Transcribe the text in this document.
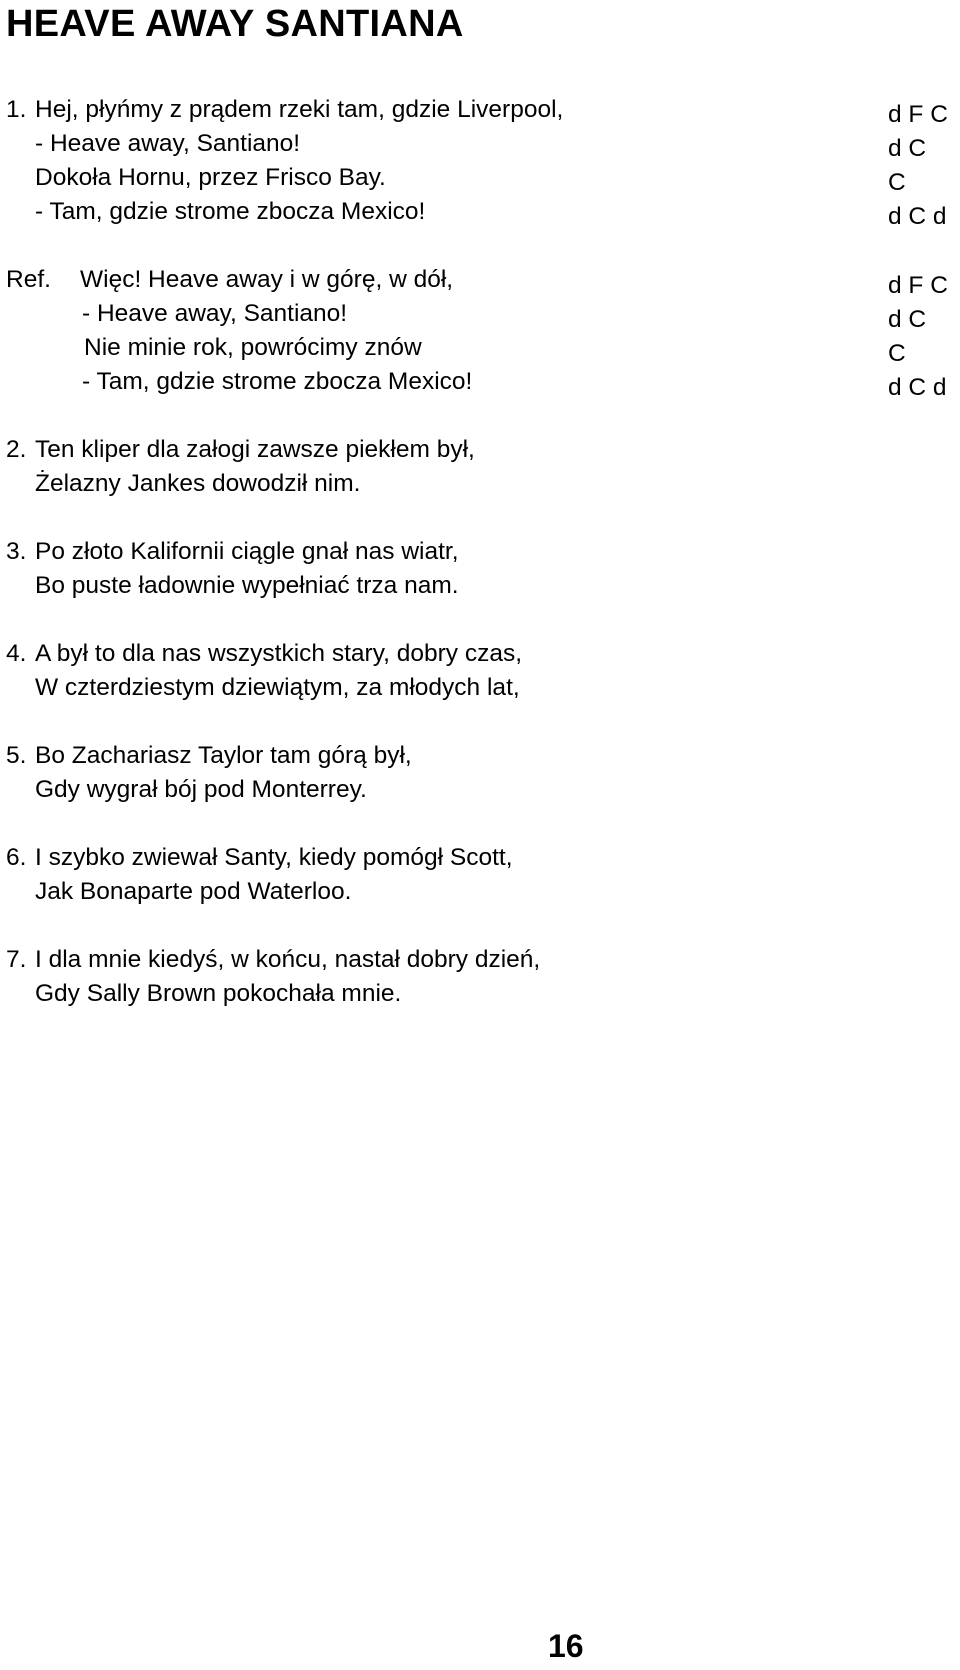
HEAVE AWAY SANTIANA
1. Hej, płyńmy z prądem rzeki tam, gdzie Liverpool,
- Heave away, Santiano!
Dokoła Hornu, przez Frisco Bay.
- Tam, gdzie strome zbocza Mexico!
d F C
d C
C
d C d
Ref. Więc! Heave away i w górę, w dół,
- Heave away, Santiano!
Nie minie rok, powrócimy znów
- Tam, gdzie strome zbocza Mexico!
d F C
d C
C
d C d
2. Ten kliper dla załogi zawsze piekłem był,
Żelazny Jankes dowodził nim.
3. Po złoto Kalifornii ciągle gnał nas wiatr,
Bo puste ładownie wypełniać trza nam.
4. A był to dla nas wszystkich stary, dobry czas,
W czterdziestym dziewiątym, za młodych lat,
5. Bo Zachariasz Taylor tam górą był,
Gdy wygrał bój pod Monterrey.
6. I szybko zwiewał Santy, kiedy pomógł Scott,
Jak Bonaparte pod Waterloo.
7. I dla mnie kiedyś, w końcu, nastał dobry dzień,
Gdy Sally Brown pokochała mnie.
16
